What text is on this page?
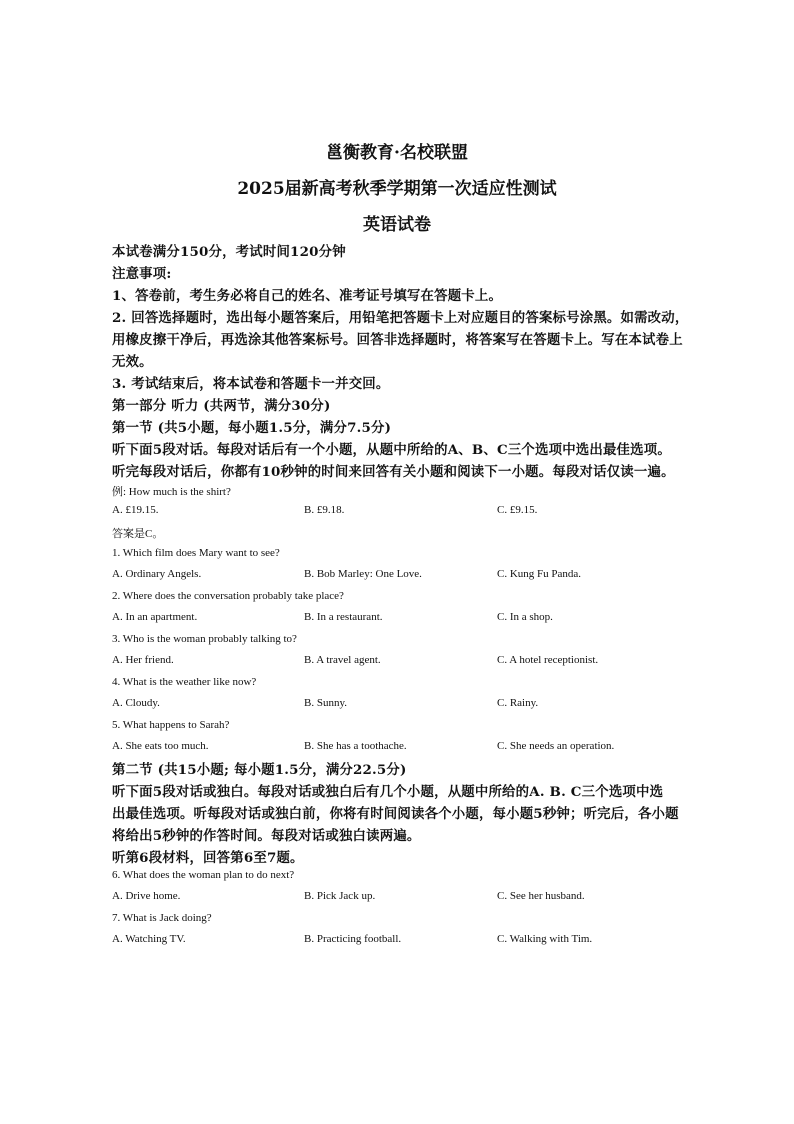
邕衡教育·名校联盟
2025届新高考秋季学期第一次适应性测试
英语试卷
本试卷满分150分，考试时间120分钟
注意事项:
1、答卷前，考生务必将自己的姓名、准考证号填写在答题卡上。
2. 回答选择题时，选出每小题答案后，用铅笔把答题卡上对应题目的答案标号涂黑。如需改动，
用橡皮擦干净后，再选涂其他答案标号。回答非选择题时，将答案写在答题卡上。写在本试卷上
无效。
3. 考试结束后，将本试卷和答题卡一并交回。
第一部分 听力 (共两节，满分30分)
第一节 (共5小题，每小题1.5分，满分7.5分)
听下面5段对话。每段对话后有一个小题，从题中所给的A、B、C三个选项中选出最佳选项。
听完每段对话后，你都有10秒钟的时间来回答有关小题和阅读下一小题。每段对话仅读一遍。
例: How much is the shirt?
A. £19.15.	B. £9.18.	C. £9.15.
答案是C。
1. Which film does Mary want to see?
A. Ordinary Angels.	B. Bob Marley: One Love.	C. Kung Fu Panda.
2. Where does the conversation probably take place?
A. In an apartment.	B. In a restaurant.	C. In a shop.
3. Who is the woman probably talking to?
A. Her friend.	B. A travel agent.	C. A hotel receptionist.
4. What is the weather like now?
A. Cloudy.	B. Sunny.	C. Rainy.
5. What happens to Sarah?
A. She eats too much.	B. She has a toothache.	C. She needs an operation.
第二节 (共15小题; 每小题1.5分，满分22.5分)
听下面5段对话或独白。每段对话或独白后有几个小题，从题中所给的A. B. C三个选项中选
出最佳选项。听每段对话或独白前，你将有时间阅读各个小题，每小题5秒钟；听完后，各小题
将给出5秒钟的作答时间。每段对话或独白读两遍。
听第6段材料，回答第6至7题。
6. What does the woman plan to do next?
A. Drive home.	B. Pick Jack up.	C. See her husband.
7. What is Jack doing?
A. Watching TV.	B. Practicing football.	C. Walking with Tim.
